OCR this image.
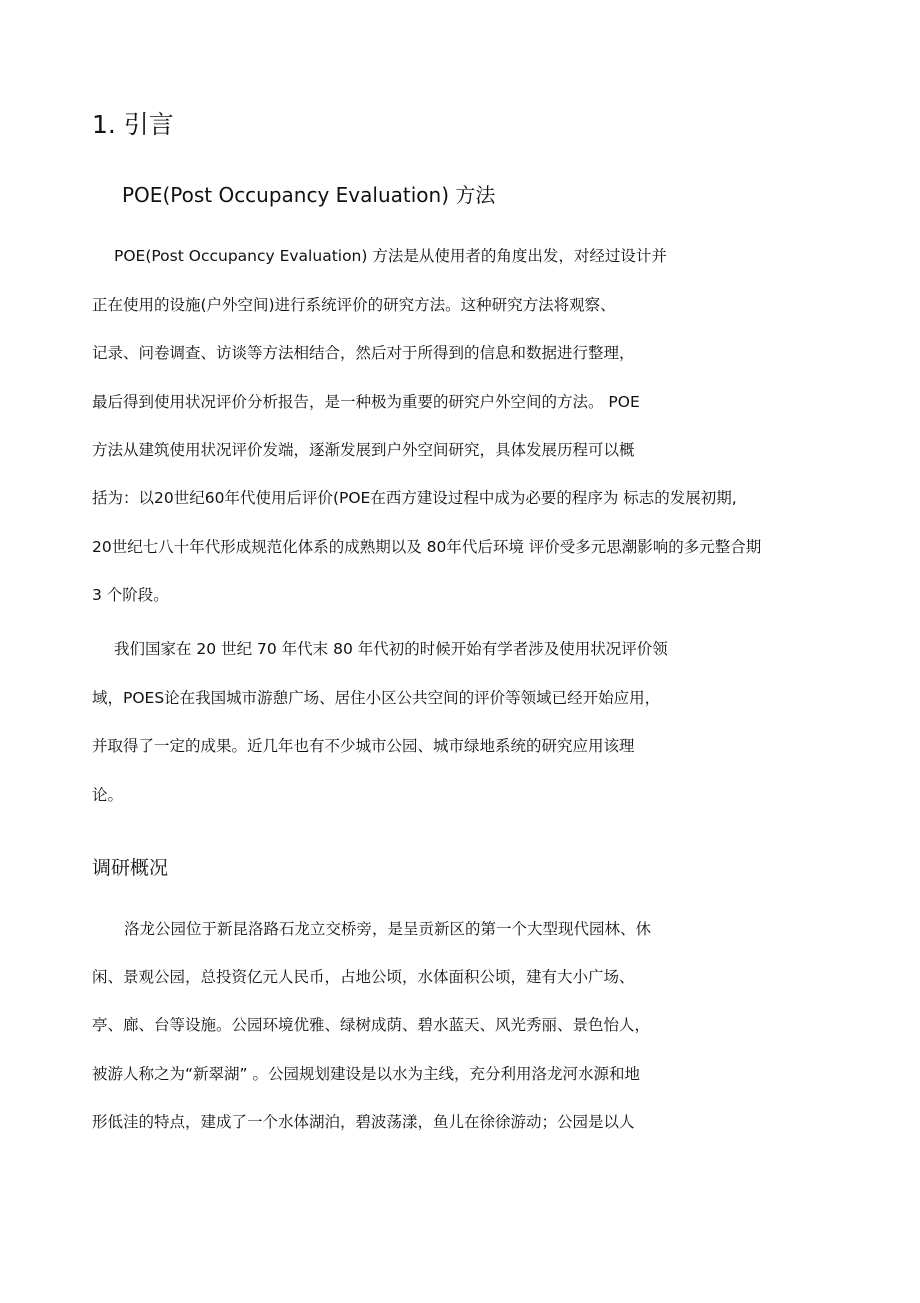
1. 引言
POE(Post Occupancy Evaluation) 方法
POE(Post Occupancy Evaluation) 方法是从使用者的角度出发，对经过设计并
正在使用的设施(户外空间)进行系统评价的研究方法。这种研究方法将观察、
记录、问卷调查、访谈等方法相结合，然后对于所得到的信息和数据进行整理，
最后得到使用状况评价分析报告，是一种极为重要的研究户外空间的方法。 POE
方法从建筑使用状况评价发端，逐渐发展到户外空间研究，具体发展历程可以概
括为：以20世纪60年代使用后评价(POE在西方建设过程中成为必要的程序为 标志的发展初期,
20世纪七八十年代形成规范化体系的成熟期以及 80年代后环境 评价受多元思潮影响的多元整合期
3 个阶段。
我们国家在 20 世纪 70 年代末 80 年代初的时候开始有学者涉及使用状况评价领
域，POES论在我国城市游憩广场、居住小区公共空间的评价等领域已经开始应用，
并取得了一定的成果。近几年也有不少城市公园、城市绿地系统的研究应用该理
论。
调研概况
洛龙公园位于新昆洛路石龙立交桥旁，是呈贡新区的第一个大型现代园林、休
闲、景观公园，总投资亿元人民币，占地公顷，水体面积公顷，建有大小广场、
亭、廊、台等设施。公园环境优雅、绿树成荫、碧水蓝天、风光秀丽、景色怡人，
被游人称之为“新翠湖” 。公园规划建设是以水为主线，充分利用洛龙河水源和地
形低洼的特点，建成了一个水体湖泊，碧波荡漾，鱼儿在徐徐游动；公园是以人
